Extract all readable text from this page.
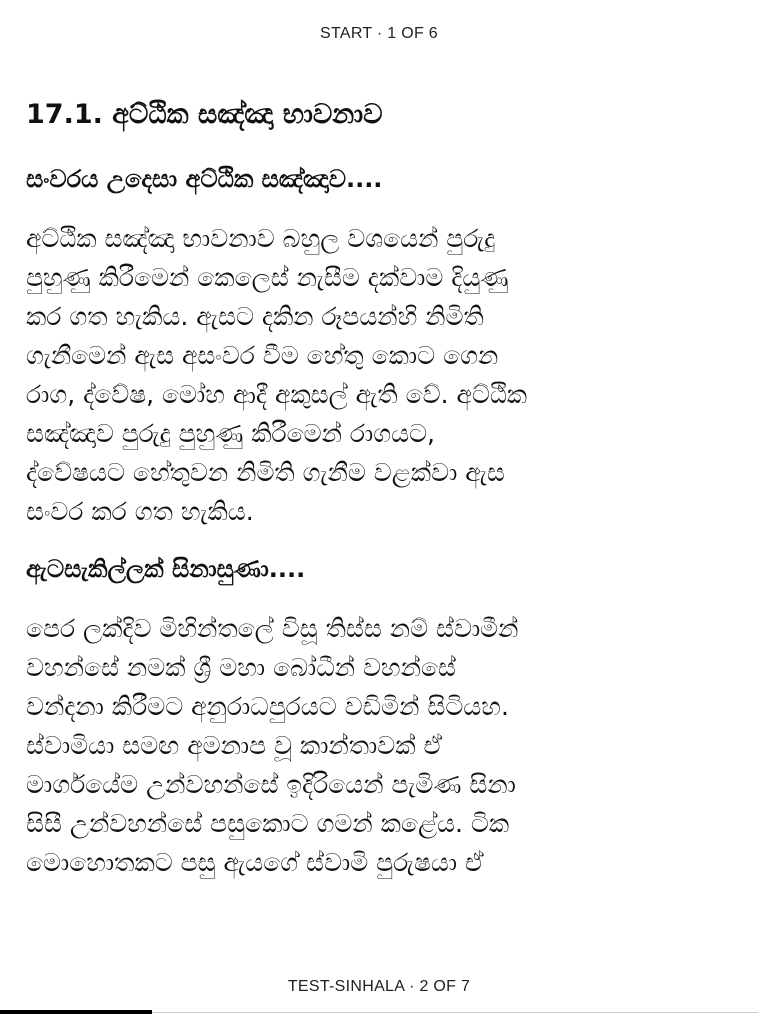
START · 1 OF 6
17.1. අට්ඨික සඤ්ඤා භාවනාව
සංවරය උදෙසා අට්ඨික සඤ්ඤාව....
අට්ඨික සඤ්ඤා භාවනාව බහුල වශයෙන් පුරුදු
පුහුණු කිරීමෙන් කෙලෙස් නැසීම දක්වාම දියුණු
කර ගත හැකිය. ඇසට දකින රූපයන්හි නිමිති
ගැනීමෙන් ඇස අසංවර වීම හේතු කොට ගෙන
රාග, ද්වේෂ, මෝහ ආදී අකුසල් ඇති වේ. අට්ඨික
සඤ්ඤාව පුරුදු පුහුණු කිරීමෙන් රාගයට,
ද්වේෂයට හේතුවන නිමිති ගැනීම වළක්වා ඇස
සංවර කර ගත හැකිය.
ඇටසැකිල්ලක් සිනාසුණා....
පෙර ලක්දිව මිහින්තලේ විසූ තිස්ස නම් ස්වාමීන්
වහන්සේ නමක් ශ්‍රී මහා බෝධීන් වහන්සේ
වන්දනා කිරීමට අනුරාධපුරයට වඩිමින් සිටියහ.
ස්වාමියා සමඟ අමනාප වූ කාන්තාවක් ඒ
මාර්ගයේම උන්වහන්සේ ඉදිරියෙන් පැමිණ සිනා
සිසී උන්වහන්සේ පසුකොට ගමන් කළේය. ටික
මොහොතකට පසු ඇයගේ ස්වාමි පුරුෂයා ඒ
TEST-SINHALA · 2 OF 7
